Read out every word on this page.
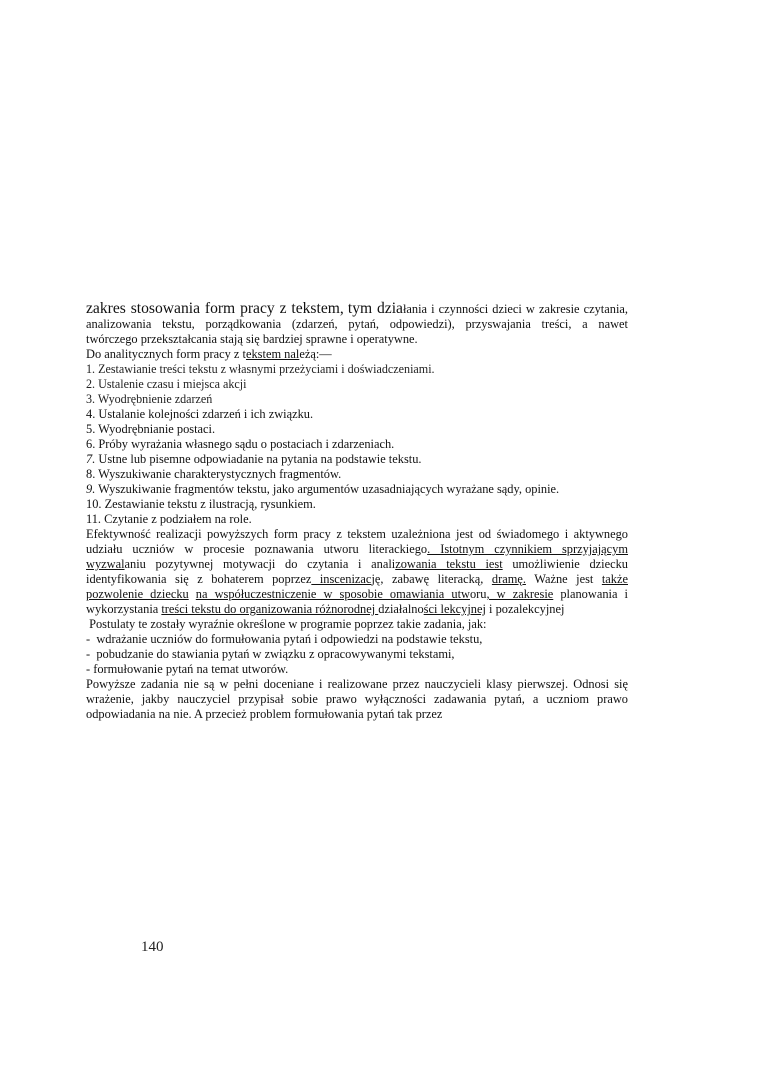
zakres stosowania form pracy z tekstem, tym działania i czynności dzieci w zakresie czytania,
analizowania tekstu, porządkowania (zdarzeń, pytań, odpowiedzi), przyswajania treści, a nawet
twórczego przekształcania stają się bardziej sprawne i operatywne.
Do analitycznych form pracy z tekstem należą:—
1. Zestawianie treści tekstu z własnymi przeżyciami i doświadczeniami.
2. Ustalenie czasu i miejsca akcji
3. Wyodrębnienie zdarzeń
4. Ustalanie kolejności zdarzeń i ich związku.
5. Wyodrębnianie postaci.
6. Próby wyrażania własnego sądu o postaciach i zdarzeniach.
7. Ustne lub pisemne odpowiadanie na pytania na podstawie tekstu.
8. Wyszukiwanie charakterystycznych fragmentów.
9. Wyszukiwanie fragmentów tekstu, jako argumentów uzasadniających wyrażane sądy, opinie.
10. Zestawianie tekstu z ilustracją, rysunkiem.
11. Czytanie z podziałem na role.
Efektywność realizacji powyższych form pracy z tekstem uzależniona jest od świadomego i aktywnego
udziału uczniów w procesie poznawania utworu literackiego. Istotnym czynnikiem sprzyjającym
wyzwalaniu pozytywnej motywacji do czytania i analizowania tekstu iest umożliwienie dziecku
identyfikowania się z bohaterem poprzez inscenizację, zabawę literacką, dramę. Ważne jest także
pozwolenie dziecku na współuczestniczenie w sposobie omawiania utworu, w zakresie planowania i
wykorzystania treści tekstu do organizowania różnorodnej działalności lekcyjnej i pozalekcyjnej
Postulaty te zostały wyraźnie określone w programie poprzez takie zadania, jak:
-  wdrażanie uczniów do formułowania pytań i odpowiedzi na podstawie tekstu,
-  pobudzanie do stawiania pytań w związku z opracowywanymi tekstami,
- formułowanie pytań na temat utworów.
Powyższe zadania nie są w pełni doceniane i realizowane przez nauczycieli klasy pierwszej. Odnosi się
wrażenie, jakby nauczyciel przypisał sobie prawo wyłączności zadawania pytań, a uczniom prawo
odpowiadania na nie. A przecież problem formułowania pytań tak przez
140
